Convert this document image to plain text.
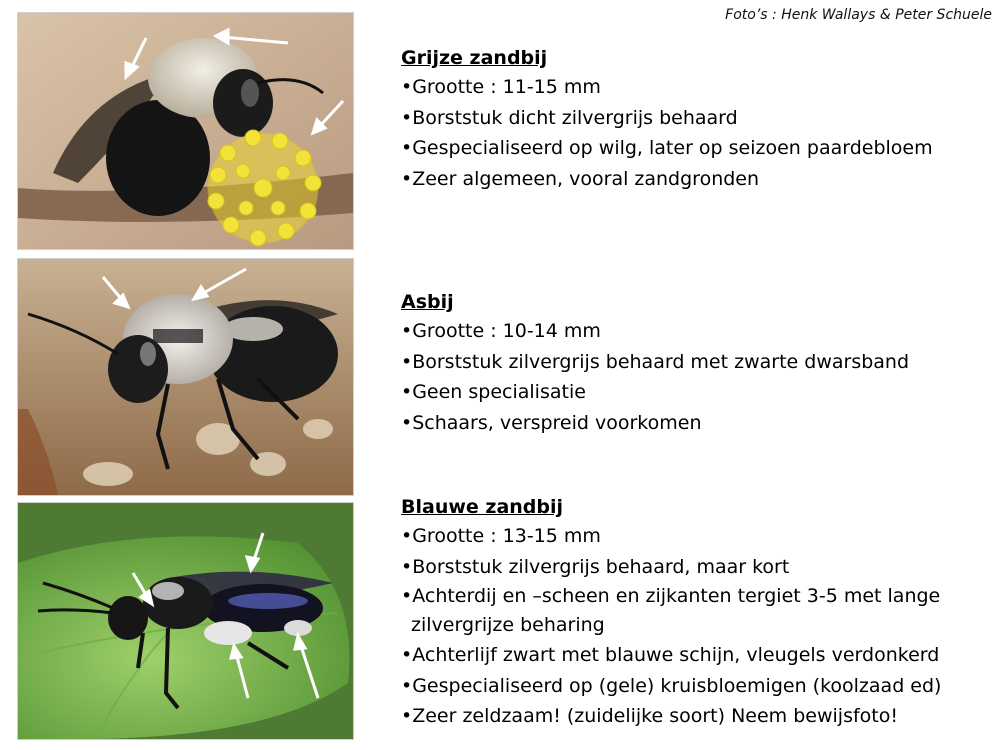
Foto’s : Henk Wallays & Peter Schuele
Grijze zandbij
•Grootte : 11-15 mm
•Borststuk dicht zilvergrijs behaard
•Gespecialiseerd op wilg, later op seizoen paardebloem
•Zeer algemeen, vooral zandgronden
Asbij
•Grootte : 10-14 mm
•Borststuk zilvergrijs behaard met zwarte dwarsband
•Geen specialisatie
•Schaars, verspreid voorkomen
Blauwe zandbij
•Grootte : 13-15 mm
•Borststuk zilvergrijs behaard, maar kort
•Achterdij en –scheen en zijkanten tergiet 3-5 met lange zilvergrijze beharing
•Achterlijf zwart met blauwe schijn, vleugels verdonkerd
•Gespecialiseerd op (gele) kruisbloemigen (koolzaad ed)
•Zeer zeldzaam! (zuidelijke soort) Neem bewijsfoto!
